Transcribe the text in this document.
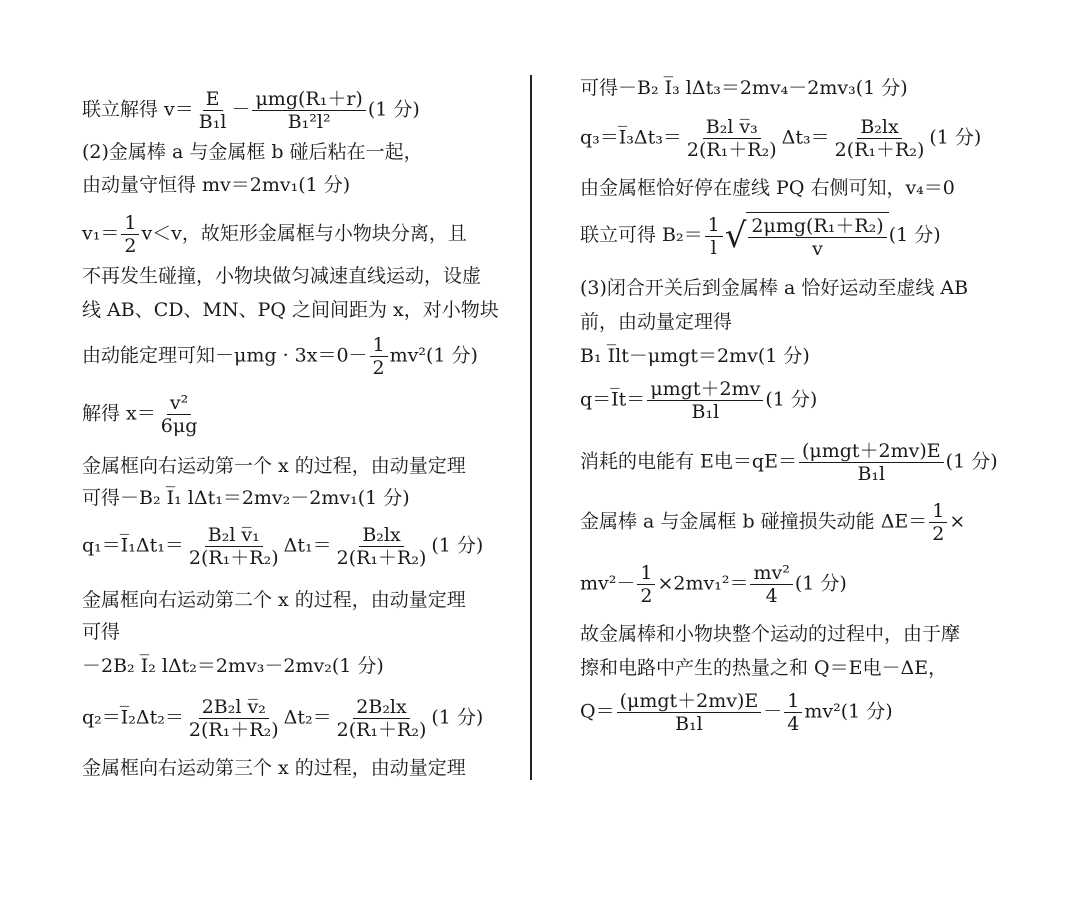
联立解得 $v= \frac{E}{\text{B₁l}} - \frac{\text{μmg(R₁＋r)}}{\text{B₁²l²}} (1$ 分)
(2)金属棒 a 与金属框 b 碰后粘在一起，
由动量守恒得 mv＝2mv₁(1 分)
$v_1= \frac{1}{2} v<v$，故矩形金属框与小物块分离，且
不再发生碰撞，小物块做匀减速直线运动，设虚
线 AB、CD、MN、PQ 之间间距为 x，对小物块
由动能定理可知$-\mu mg \cdot 3x=0- \frac{1}{2} mv^2(1$ 分)
解得 $x= \frac{\text{v²}}{6\mu g}$
金属框向右运动第一个 x 的过程，由动量定理
可得－B₂ I̅₁ lΔt₁＝2mv₂－2mv₁(1 分)
q₁＝I̅₁Δt₁＝ $\frac{\text{B₂l v̅₁}}{\text{2(R₁＋R₂)}} \Delta t_1= \frac{\text{B₂lx}}{\text{2(R₁＋R₂)}} (1$ 分)
金属框向右运动第二个 x 的过程，由动量定理
可得
－2B₂ I̅₂ lΔt₂＝2mv₃－2mv₂(1 分)
q₂＝I̅₂Δt₂＝ $\frac{\text{2B₂l v̅₂}}{\text{2(R₁＋R₂)}} \Delta t_2= \frac{\text{2B₂lx}}{\text{2(R₁＋R₂)}} (1$ 分)
金属框向右运动第三个 x 的过程，由动量定理
可得－B₂ I̅₃ lΔt₃＝2mv₄－2mv₃(1 分)
q₃＝I̅₃Δt₃＝ $\frac{\text{B₂l v̅₃}}{\text{2(R₁＋R₂)}} \Delta t_3= \frac{\text{B₂lx}}{\text{2(R₁＋R₂)}} (1$ 分)
由金属框恰好停在虚线 PQ 右侧可知，v₄＝0
联立可得 $B_2= \frac{1}{l}$ √ $\frac{\text{2μmg(R₁＋R₂)}}{v} (1$ 分)
(3)闭合开关后到金属棒 a 恰好运动至虚线 AB
前，由动量定理得
B₁ I̅lt－μmgt＝2mv(1 分)
q＝I̅t＝ $\frac{\text{μmgt＋2mv}}{\text{B₁l}} (1$ 分)
消耗的电能有 E电$=qE= \frac{\text{(μmgt＋2mv)E}}{\text{B₁l}} (1$ 分)
金属棒 a 与金属框 b 碰撞损失动能 $\Delta E= \frac{1}{2}$ ×
$mv^2- \frac{1}{2} \times 2mv_1^2= \frac{\text{mv²}}{4} (1$ 分)
故金属棒和小物块整个运动的过程中，由于摩
擦和电路中产生的热量之和 Q＝E电－ΔE，
$Q= \frac{\text{(μmgt＋2mv)E}}{\text{B₁l}} - \frac{1}{4} mv^2(1$ 分)
